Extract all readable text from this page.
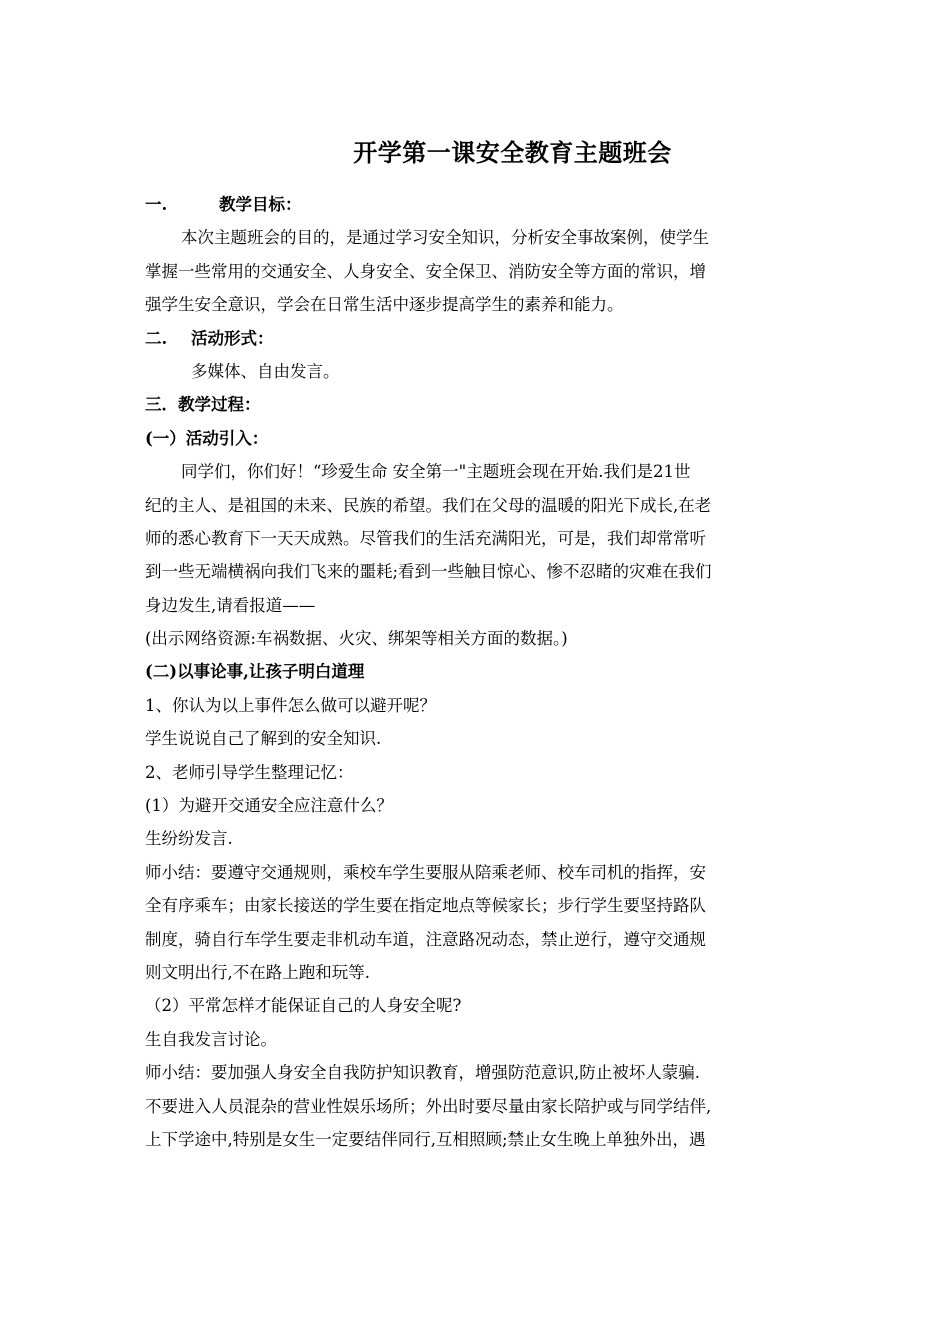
开学第一课安全教育主题班会
一.	教学目标：
本次主题班会的目的，是通过学习安全知识，分析安全事故案例，使学生
掌握一些常用的交通安全、人身安全、安全保卫、消防安全等方面的常识，增
强学生安全意识，学会在日常生活中逐步提高学生的素养和能力。
二. 活动形式：
多媒体、自由发言。
三．教学过程：
(一）活动引入：
同学们，你们好！“珍爱生命 安全第一"主题班会现在开始.我们是21世
纪的主人、是祖国的未来、民族的希望。我们在父母的温暖的阳光下成长,在老
师的悉心教育下一天天成熟。尽管我们的生活充满阳光，可是，我们却常常听
到一些无端横祸向我们飞来的噩耗;看到一些触目惊心、惨不忍睹的灾难在我们
身边发生,请看报道——
(出示网络资源:车祸数据、火灾、绑架等相关方面的数据。)
(二)以事论事,让孩子明白道理
1、你认为以上事件怎么做可以避开呢？
学生说说自己了解到的安全知识.
2、老师引导学生整理记忆：
(1）为避开交通安全应注意什么？
生纷纷发言.
师小结：要遵守交通规则，乘校车学生要服从陪乘老师、校车司机的指挥，安
全有序乘车；由家长接送的学生要在指定地点等候家长；步行学生要坚持路队
制度，骑自行车学生要走非机动车道，注意路况动态，禁止逆行，遵守交通规
则文明出行,不在路上跑和玩等.
（2）平常怎样才能保证自己的人身安全呢?
生自我发言讨论。
师小结：要加强人身安全自我防护知识教育，增强防范意识,防止被坏人蒙骗.
不要进入人员混杂的营业性娱乐场所；外出时要尽量由家长陪护或与同学结伴,
上下学途中,特别是女生一定要结伴同行,互相照顾;禁止女生晚上单独外出，遇
